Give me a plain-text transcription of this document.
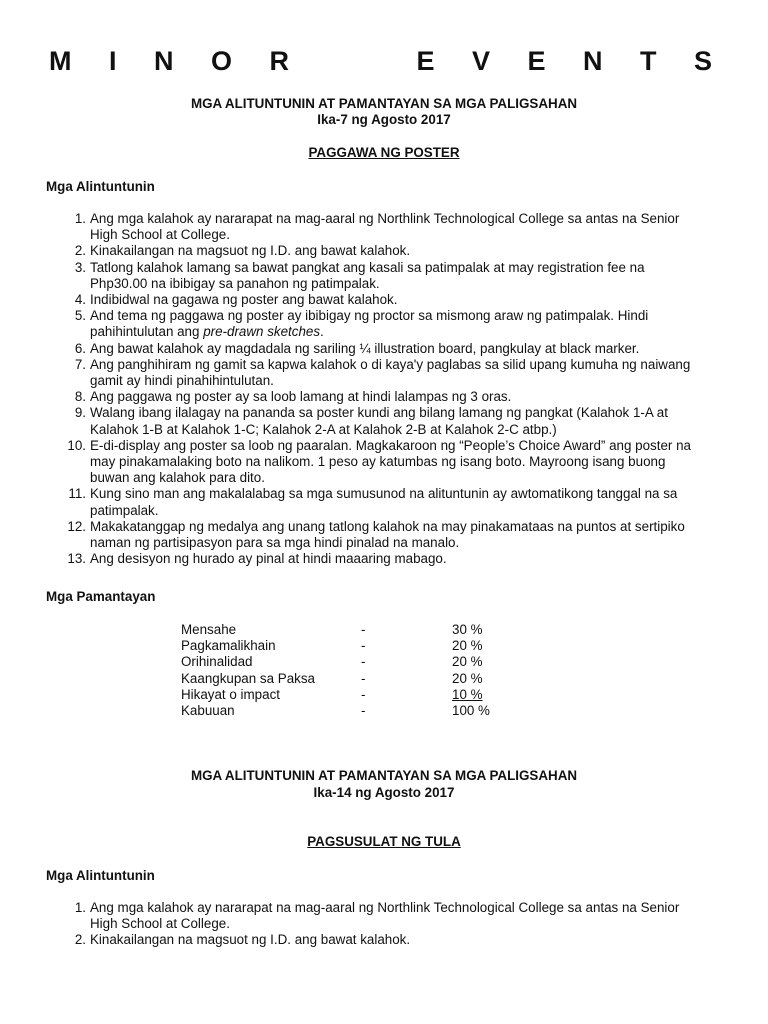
M I N O R     E V E N T S
MGA ALITUNTUNIN AT PAMANTAYAN SA MGA PALIGSAHAN
Ika-7 ng Agosto 2017
PAGGAWA NG POSTER
Mga Alintuntunin
1. Ang mga kalahok ay nararapat na mag-aaral ng Northlink Technological College sa antas na Senior
High School at College.
2. Kinakailangan na magsuot ng I.D. ang bawat kalahok.
3. Tatlong kalahok lamang sa bawat pangkat ang kasali sa patimpalak at may registration fee na
Php30.00 na ibibigay sa panahon ng patimpalak.
4. Indibidwal na gagawa ng poster ang bawat kalahok.
5. And tema ng paggawa ng poster ay ibibigay ng proctor sa mismong araw ng patimpalak. Hindi
pahihintulutan ang pre-drawn sketches.
6. Ang bawat kalahok ay magdadala ng sariling ¼ illustration board, pangkulay at black marker.
7. Ang panghihiram ng gamit sa kapwa kalahok o di kaya'y paglabas sa silid upang kumuha ng naiwang
gamit ay hindi pinahihintulutan.
8. Ang paggawa ng poster ay sa loob lamang at hindi lalampas ng 3 oras.
9. Walang ibang ilalagay na pananda sa poster kundi ang bilang lamang ng pangkat (Kalahok 1-A at
Kalahok 1-B at Kalahok 1-C; Kalahok 2-A at Kalahok 2-B at Kalahok 2-C atbp.)
10. E-di-display ang poster sa loob ng paaralan. Magkakaroon ng “People’s Choice Award” ang poster na
may pinakamalaking boto na nalikom. 1 peso ay katumbas ng isang boto. Mayroong isang buong
buwan ang kalahok para dito.
11. Kung sino man ang makalalabag sa mga sumusunod na alituntunin ay awtomatikong tanggal na sa
patimpalak.
12. Makakatanggap ng medalya ang unang tatlong kalahok na may pinakamataas na puntos at sertipiko
naman ng partisipasyon para sa mga hindi pinalad na manalo.
13. Ang desisyon ng hurado ay pinal at hindi maaaring mabago.
Mga Pamantayan
Mensahe	-	30 %
Pagkamalikhain	-	20 %
Orihinalidad	-	20 %
Kaangkupan sa Paksa	-	20 %
Hikayat o impact	-	10 %
Kabuuan	-	100 %
MGA ALITUNTUNIN AT PAMANTAYAN SA MGA PALIGSAHAN
Ika-14 ng Agosto 2017
PAGSUSULAT NG TULA
Mga Alintuntunin
1. Ang mga kalahok ay nararapat na mag-aaral ng Northlink Technological College sa antas na Senior
High School at College.
2. Kinakailangan na magsuot ng I.D. ang bawat kalahok.
